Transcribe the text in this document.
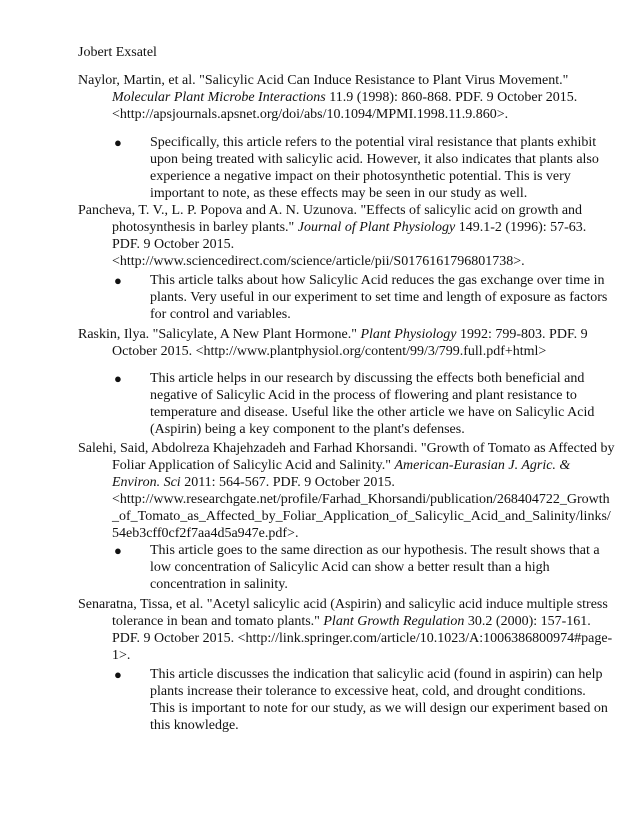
Jobert Exsatel
Naylor, Martin, et al. "Salicylic Acid Can Induce Resistance to Plant Virus Movement."
Molecular Plant Microbe Interactions 11.9 (1998): 860-868. PDF. 9 October 2015.
<http://apsjournals.apsnet.org/doi/abs/10.1094/MPMI.1998.11.9.860>.
●	Specifically, this article refers to the potential viral resistance that plants exhibit
upon being treated with salicylic acid. However, it also indicates that plants also
experience a negative impact on their photosynthetic potential. This is very
important to note, as these effects may be seen in our study as well.
Pancheva, T. V., L. P. Popova and A. N. Uzunova. "Effects of salicylic acid on growth and
photosynthesis in barley plants." Journal of Plant Physiology 149.1-2 (1996): 57-63.
PDF. 9 October 2015.
<http://www.sciencedirect.com/science/article/pii/S0176161796801738>.
●	This article talks about how Salicylic Acid reduces the gas exchange over time in
plants. Very useful in our experiment to set time and length of exposure as factors
for control and variables.
Raskin, Ilya. "Salicylate, A New Plant Hormone." Plant Physiology 1992: 799-803. PDF. 9
October 2015. <http://www.plantphysiol.org/content/99/3/799.full.pdf+html>
●	This article helps in our research by discussing the effects both beneficial and
negative of Salicylic Acid in the process of flowering and plant resistance to
temperature and disease. Useful like the other article we have on Salicylic Acid
(Aspirin) being a key component to the plant's defenses.
Salehi, Said, Abdolreza Khajehzadeh and Farhad Khorsandi. "Growth of Tomato as Affected by
Foliar Application of Salicylic Acid and Salinity." American-Eurasian J. Agric. &
Environ. Sci 2011: 564-567. PDF. 9 October 2015.
<http://www.researchgate.net/profile/Farhad_Khorsandi/publication/268404722_Growth
_of_Tomato_as_Affected_by_Foliar_Application_of_Salicylic_Acid_and_Salinity/links/
54eb3cff0cf2f7aa4d5a947e.pdf>.
●	This article goes to the same direction as our hypothesis. The result shows that a
low concentration of Salicylic Acid can show a better result than a high
concentration in salinity.
Senaratna, Tissa, et al. "Acetyl salicylic acid (Aspirin) and salicylic acid induce multiple stress
tolerance in bean and tomato plants." Plant Growth Regulation 30.2 (2000): 157-161.
PDF. 9 October 2015. <http://link.springer.com/article/10.1023/A:1006386800974#page-
1>.
●	This article discusses the indication that salicylic acid (found in aspirin) can help
plants increase their tolerance to excessive heat, cold, and drought conditions.
This is important to note for our study, as we will design our experiment based on
this knowledge.
